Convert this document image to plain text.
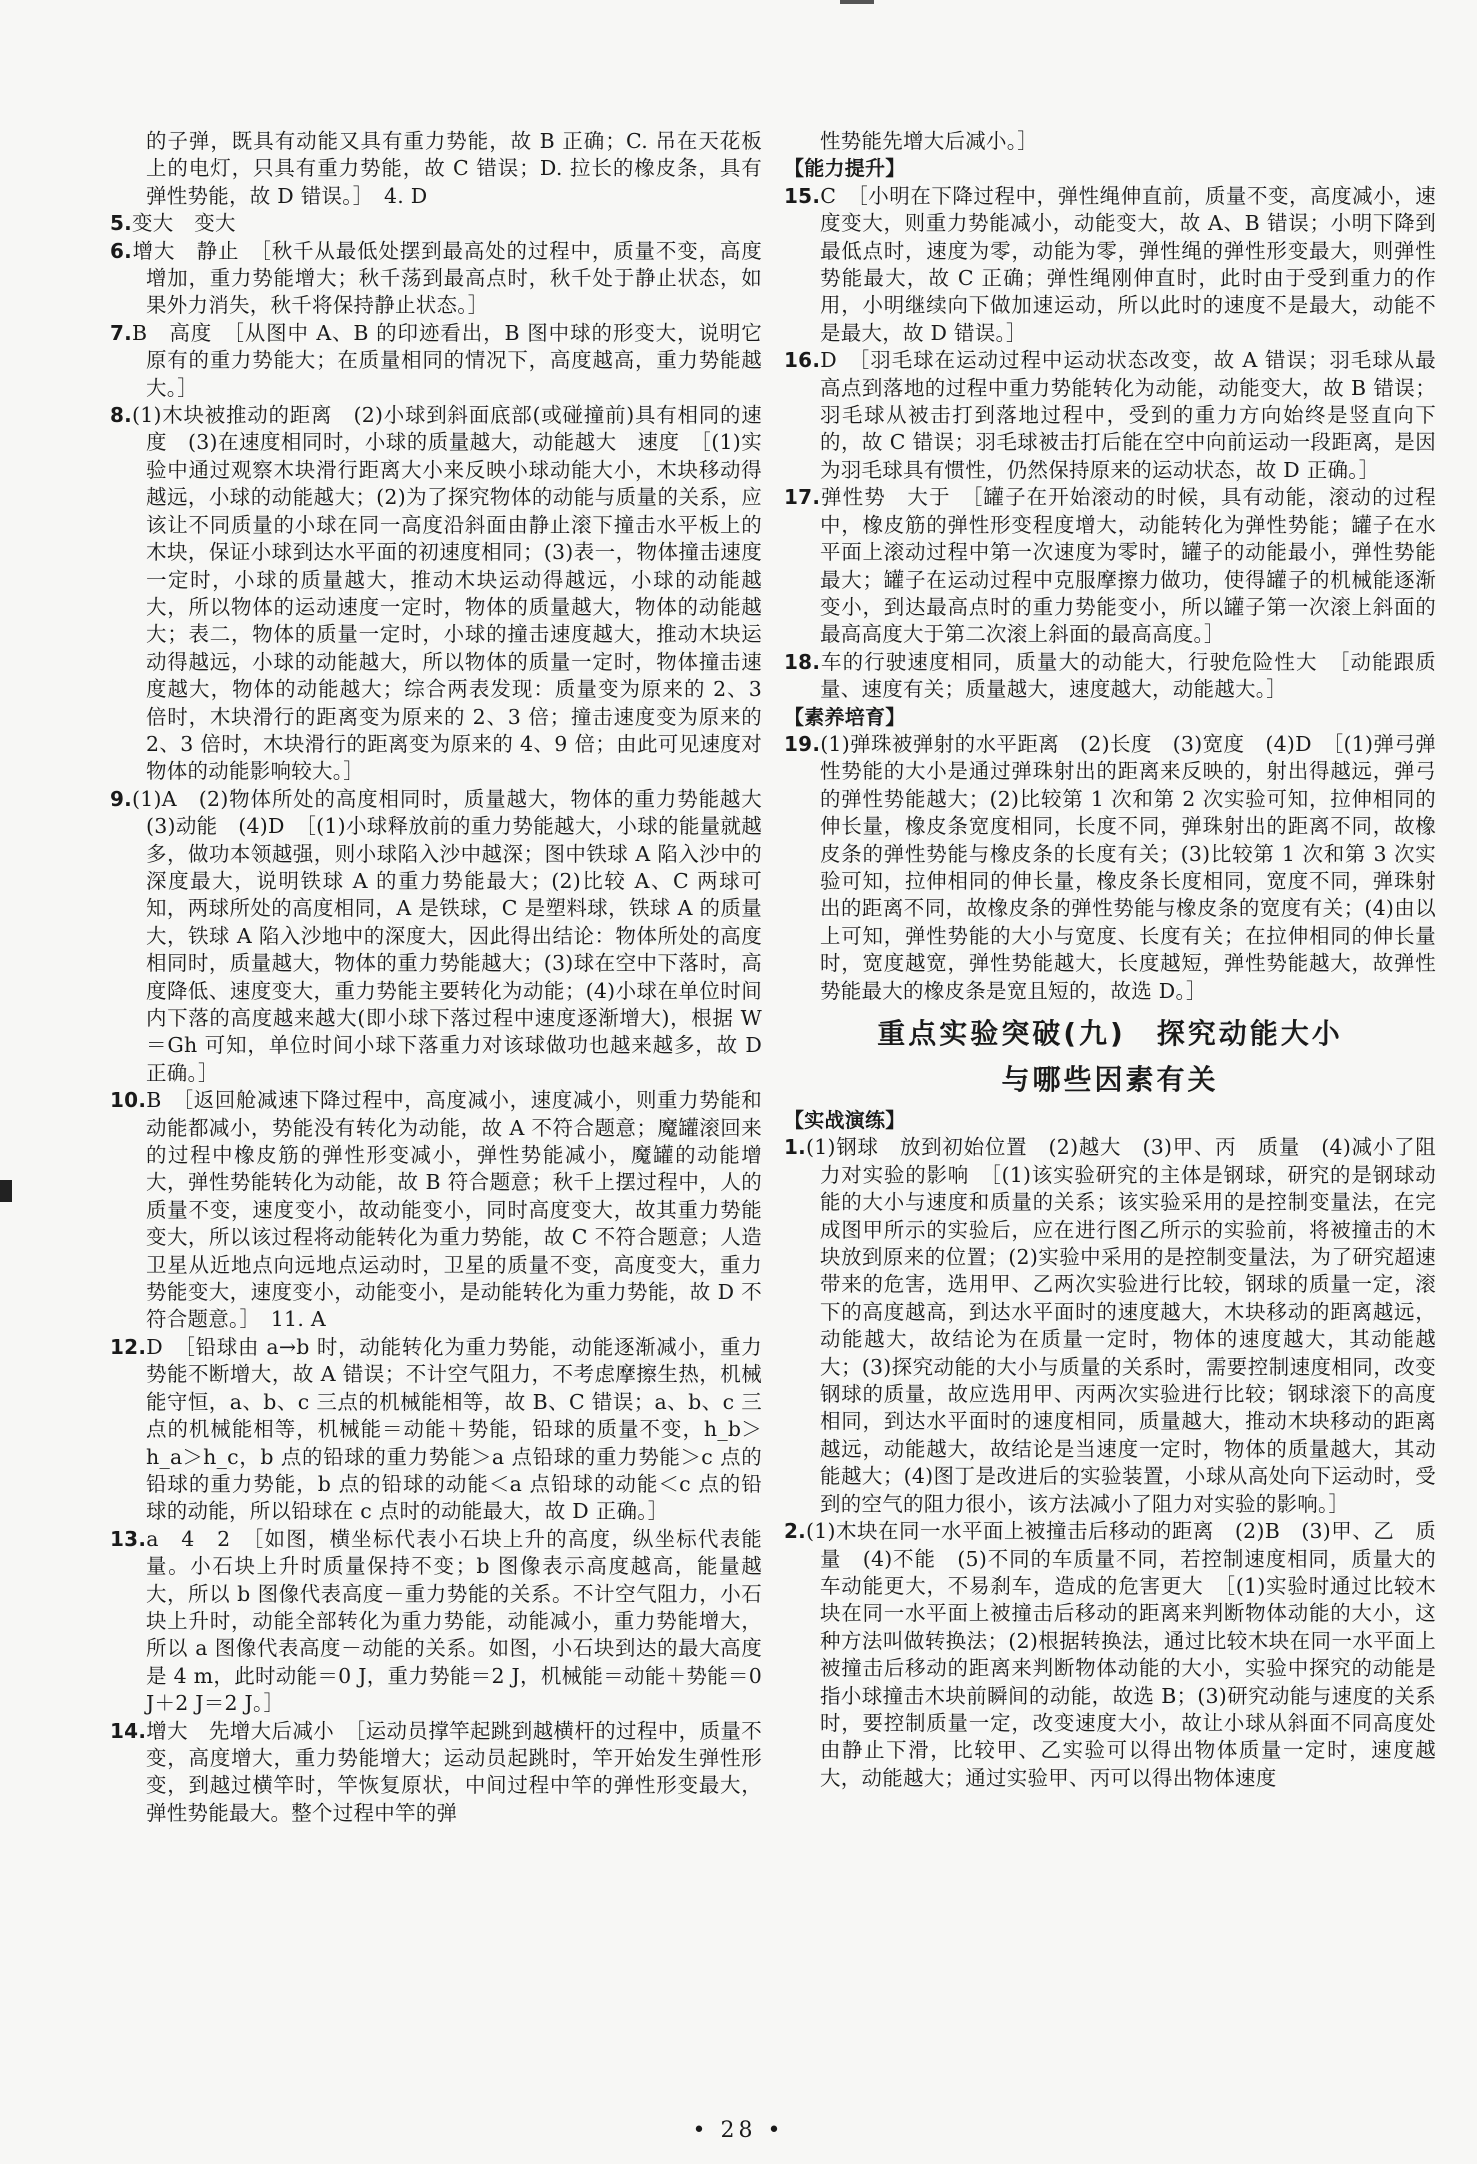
的子弹，既具有动能又具有重力势能，故 B 正确；C. 吊在天花板上的电灯，只具有重力势能，故 C 错误；D. 拉长的橡皮条，具有弹性势能，故 D 错误。］　4. D

5.变大　变大

6.增大　静止　 ［秋千从最低处摆到最高处的过程中，质量不变，高度增加，重力势能增大；秋千荡到最高点时，秋千处于静止状态，如果外力消失，秋千将保持静止状态。］

7.B　高度　 ［从图中 A、B 的印迹看出，B 图中球的形变大，说明它原有的重力势能大；在质量相同的情况下，高度越高，重力势能越大。］

8.(1)木块被推动的距离　(2)小球到斜面底部(或碰撞前)具有相同的速度　(3)在速度相同时，小球的质量越大，动能越大　速度　 ［(1)实验中通过观察木块滑行距离大小来反映小球动能大小，木块移动得越远，小球的动能越大；(2)为了探究物体的动能与质量的关系，应该让不同质量的小球在同一高度沿斜面由静止滚下撞击水平板上的木块，保证小球到达水平面的初速度相同；(3)表一，物体撞击速度一定时，小球的质量越大，推动木块运动得越远，小球的动能越大，所以物体的运动速度一定时，物体的质量越大，物体的动能越大；表二，物体的质量一定时，小球的撞击速度越大，推动木块运动得越远，小球的动能越大，所以物体的质量一定时，物体撞击速度越大，物体的动能越大；综合两表发现：质量变为原来的 2、3 倍时，木块滑行的距离变为原来的 2、3 倍；撞击速度变为原来的 2、3 倍时，木块滑行的距离变为原来的 4、9 倍；由此可见速度对物体的动能影响较大。］

9.(1)A　(2)物体所处的高度相同时，质量越大，物体的重力势能越大　(3)动能　(4)D　 ［(1)小球释放前的重力势能越大，小球的能量就越多，做功本领越强，则小球陷入沙中越深；图中铁球 A 陷入沙中的深度最大，说明铁球 A 的重力势能最大；(2)比较 A、C 两球可知，两球所处的高度相同，A 是铁球，C 是塑料球，铁球 A 的质量大，铁球 A 陷入沙地中的深度大，因此得出结论：物体所处的高度相同时，质量越大，物体的重力势能越大；(3)球在空中下落时，高度降低、速度变大，重力势能主要转化为动能；(4)小球在单位时间内下落的高度越来越大(即小球下落过程中速度逐渐增大)，根据 W＝Gh 可知，单位时间小球下落重力对该球做功也越来越多，故 D 正确。］

10.B　 ［返回舱减速下降过程中，高度减小，速度减小，则重力势能和动能都减小，势能没有转化为动能，故 A 不符合题意；魔罐滚回来的过程中橡皮筋的弹性形变减小，弹性势能减小，魔罐的动能增大，弹性势能转化为动能，故 B 符合题意；秋千上摆过程中，人的质量不变，速度变小，故动能变小，同时高度变大，故其重力势能变大，所以该过程将动能转化为重力势能，故 C 不符合题意；人造卫星从近地点向远地点运动时，卫星的质量不变，高度变大，重力势能变大，速度变小，动能变小，是动能转化为重力势能，故 D 不符合题意。］　11. A

12.D　 ［铅球由 a→b 时，动能转化为重力势能，动能逐渐减小，重力势能不断增大，故 A 错误；不计空气阻力，不考虑摩擦生热，机械能守恒，a、b、c 三点的机械能相等，故 B、C 错误；a、b、c 三点的机械能相等，机械能＝动能＋势能，铅球的质量不变，h_b＞h_a＞h_c，b 点的铅球的重力势能＞a 点铅球的重力势能＞c 点的铅球的重力势能，b 点的铅球的动能＜a 点铅球的动能＜c 点的铅球的动能，所以铅球在 c 点时的动能最大，故 D 正确。］

13.a　4　2　 ［如图，横坐标代表小石块上升的高度，纵坐标代表能量。小石块上升时质量保持不变；b 图像表示高度越高，能量越大，所以 b 图像代表高度－重力势能的关系。不计空气阻力，小石块上升时，动能全部转化为重力势能，动能减小，重力势能增大，所以 a 图像代表高度－动能的关系。如图，小石块到达的最大高度是 4 m，此时动能＝0 J，重力势能＝2 J，机械能＝动能＋势能＝0 J＋2 J＝2 J。］

14.增大　先增大后减小　 ［运动员撑竿起跳到越横杆的过程中，质量不变，高度增大，重力势能增大；运动员起跳时，竿开始发生弹性形变，到越过横竿时，竿恢复原状，中间过程中竿的弹性形变最大，弹性势能最大。整个过程中竿的弹

性势能先增大后减小。］

【能力提升】

15.C　 ［小明在下降过程中，弹性绳伸直前，质量不变，高度减小，速度变大，则重力势能减小，动能变大，故 A、B 错误；小明下降到最低点时，速度为零，动能为零，弹性绳的弹性形变最大，则弹性势能最大，故 C 正确；弹性绳刚伸直时，此时由于受到重力的作用，小明继续向下做加速运动，所以此时的速度不是最大，动能不是最大，故 D 错误。］

16.D　 ［羽毛球在运动过程中运动状态改变，故 A 错误；羽毛球从最高点到落地的过程中重力势能转化为动能，动能变大，故 B 错误；羽毛球从被击打到落地过程中，受到的重力方向始终是竖直向下的，故 C 错误；羽毛球被击打后能在空中向前运动一段距离，是因为羽毛球具有惯性，仍然保持原来的运动状态，故 D 正确。］

17.弹性势　大于　 ［罐子在开始滚动的时候，具有动能，滚动的过程中，橡皮筋的弹性形变程度增大，动能转化为弹性势能；罐子在水平面上滚动过程中第一次速度为零时，罐子的动能最小，弹性势能最大；罐子在运动过程中克服摩擦力做功，使得罐子的机械能逐渐变小，到达最高点时的重力势能变小，所以罐子第一次滚上斜面的最高高度大于第二次滚上斜面的最高高度。］

18.车的行驶速度相同，质量大的动能大，行驶危险性大　 ［动能跟质量、速度有关；质量越大，速度越大，动能越大。］

【素养培育】

19.(1)弹珠被弹射的水平距离　(2)长度　(3)宽度　(4)D　 ［(1)弹弓弹性势能的大小是通过弹珠射出的距离来反映的，射出得越远，弹弓的弹性势能越大；(2)比较第 1 次和第 2 次实验可知，拉伸相同的伸长量，橡皮条宽度相同，长度不同，弹珠射出的距离不同，故橡皮条的弹性势能与橡皮条的长度有关；(3)比较第 1 次和第 3 次实验可知，拉伸相同的伸长量，橡皮条长度相同，宽度不同，弹珠射出的距离不同，故橡皮条的弹性势能与橡皮条的宽度有关；(4)由以上可知，弹性势能的大小与宽度、长度有关；在拉伸相同的伸长量时，宽度越宽，弹性势能越大，长度越短，弹性势能越大，故弹性势能最大的橡皮条是宽且短的，故选 D。］

重点实验突破(九)　探究动能大小
与哪些因素有关

【实战演练】

1.(1)钢球　放到初始位置　(2)越大　(3)甲、丙　质量　(4)减小了阻力对实验的影响　 ［(1)该实验研究的主体是钢球，研究的是钢球动能的大小与速度和质量的关系；该实验采用的是控制变量法，在完成图甲所示的实验后，应在进行图乙所示的实验前，将被撞击的木块放到原来的位置；(2)实验中采用的是控制变量法，为了研究超速带来的危害，选用甲、乙两次实验进行比较，钢球的质量一定，滚下的高度越高，到达水平面时的速度越大，木块移动的距离越远，动能越大，故结论为在质量一定时，物体的速度越大，其动能越大；(3)探究动能的大小与质量的关系时，需要控制速度相同，改变钢球的质量，故应选用甲、丙两次实验进行比较；钢球滚下的高度相同，到达水平面时的速度相同，质量越大，推动木块移动的距离越远，动能越大，故结论是当速度一定时，物体的质量越大，其动能越大；(4)图丁是改进后的实验装置，小球从高处向下运动时，受到的空气的阻力很小，该方法减小了阻力对实验的影响。］

2.(1)木块在同一水平面上被撞击后移动的距离　(2)B　(3)甲、乙　质量　(4)不能　(5)不同的车质量不同，若控制速度相同，质量大的车动能更大，不易刹车，造成的危害更大　 ［(1)实验时通过比较木块在同一水平面上被撞击后移动的距离来判断物体动能的大小，这种方法叫做转换法；(2)根据转换法，通过比较木块在同一水平面上被撞击后移动的距离来判断物体动能的大小，实验中探究的动能是指小球撞击木块前瞬间的动能，故选 B；(3)研究动能与速度的关系时，要控制质量一定，改变速度大小，故让小球从斜面不同高度处由静止下滑，比较甲、乙实验可以得出物体质量一定时，速度越大，动能越大；通过实验甲、丙可以得出物体速度

• 28 •
